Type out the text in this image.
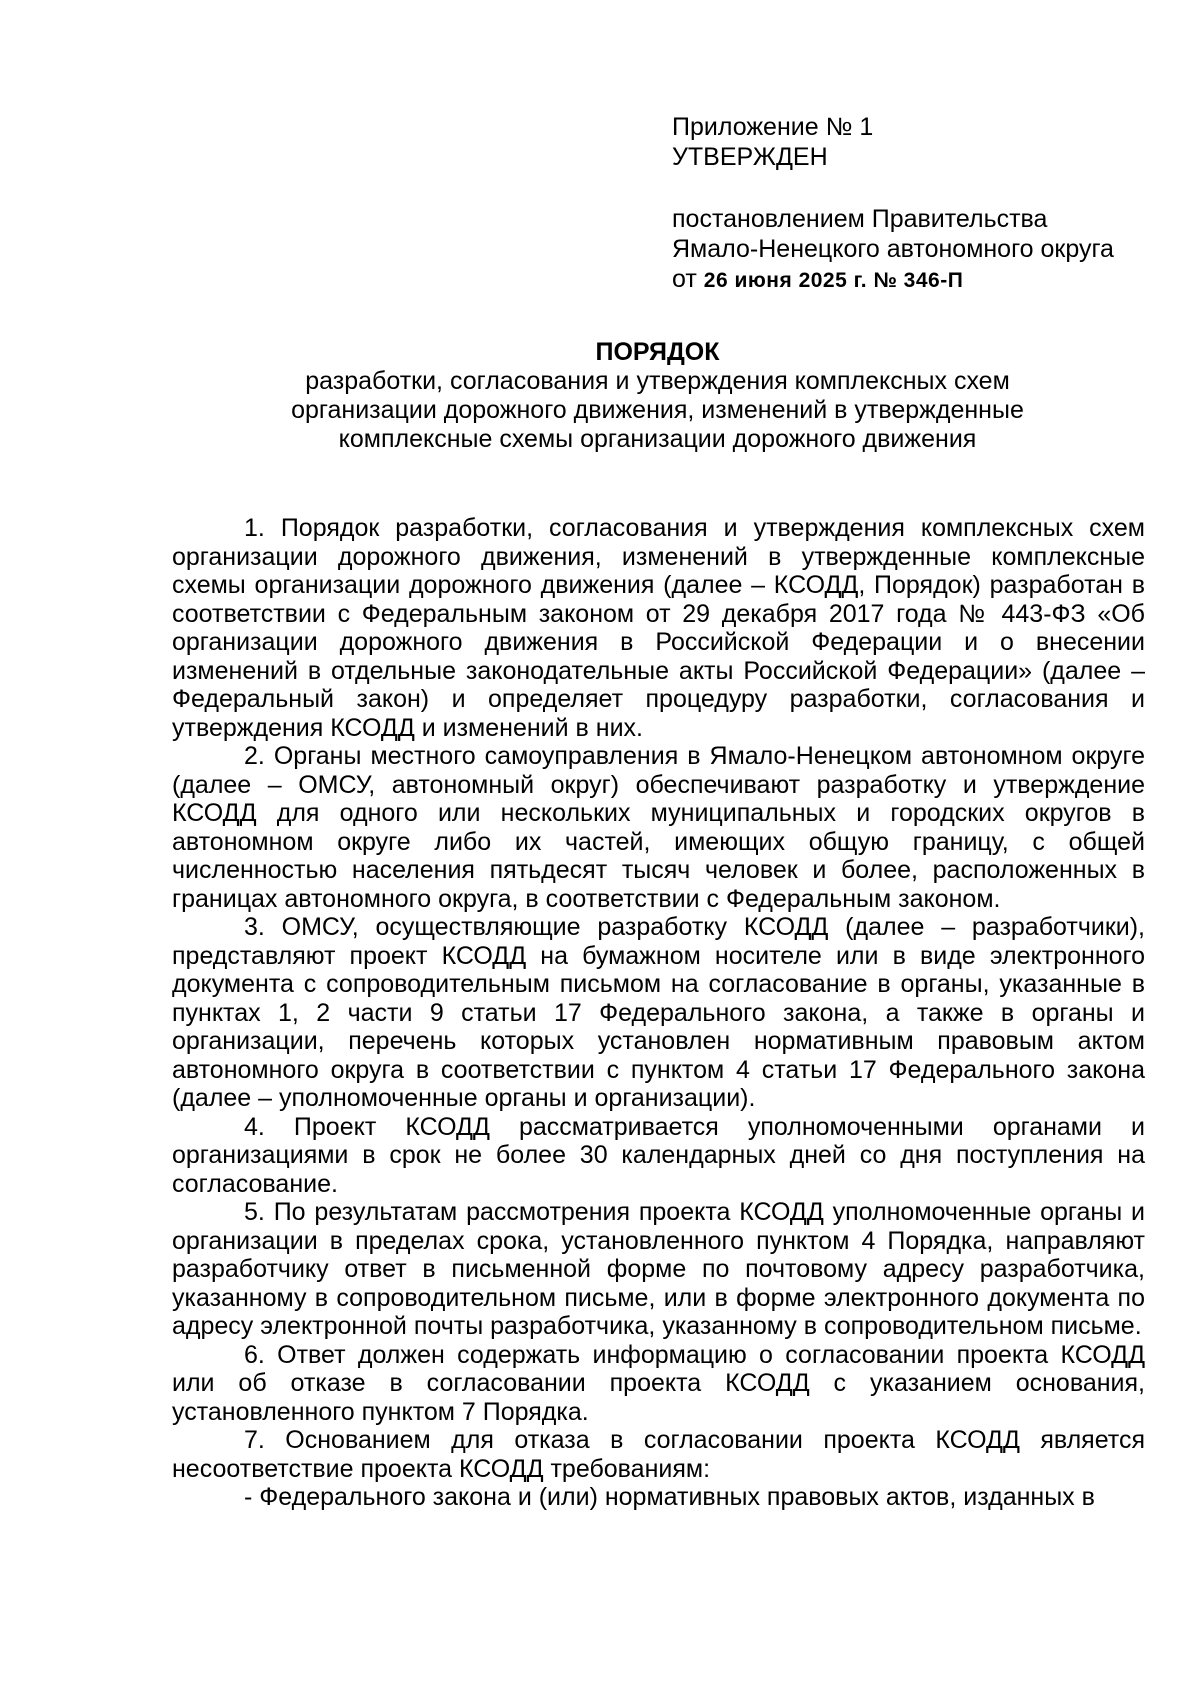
Приложение № 1
УТВЕРЖДЕН
постановлением Правительства
Ямало-Ненецкого автономного округа
от 26 июня 2025 г. № 346-П
ПОРЯДОК
разработки, согласования и утверждения комплексных схем
организации дорожного движения, изменений в утвержденные
комплексные схемы организации дорожного движения

1. Порядок разработки, согласования и утверждения комплексных схем организации дорожного движения, изменений в утвержденные комплексные схемы организации дорожного движения (далее – КСОДД, Порядок) разработан в соответствии с Федеральным законом от 29 декабря 2017 года № 443-ФЗ «Об организации дорожного движения в Российской Федерации и о внесении изменений в отдельные законодательные акты Российской Федерации» (далее – Федеральный закон) и определяет процедуру разработки, согласования и утверждения КСОДД и изменений в них.

2. Органы местного самоуправления в Ямало-Ненецком автономном округе (далее – ОМСУ, автономный округ) обеспечивают разработку и утверждение КСОДД для одного или нескольких муниципальных и городских округов в автономном округе либо их частей, имеющих общую границу, с общей численностью населения пятьдесят тысяч человек и более, расположенных в границах автономного округа, в соответствии с Федеральным законом.

3. ОМСУ, осуществляющие разработку КСОДД (далее – разработчики), представляют проект КСОДД на бумажном носителе или в виде электронного документа с сопроводительным письмом на согласование в органы, указанные в пунктах 1, 2 части 9 статьи 17 Федерального закона, а также в органы и организации, перечень которых установлен нормативным правовым актом автономного округа в соответствии с пунктом 4 статьи 17 Федерального закона (далее – уполномоченные органы и организации).

4. Проект КСОДД рассматривается уполномоченными органами и организациями в срок не более 30 календарных дней со дня поступления на согласование.

5. По результатам рассмотрения проекта КСОДД уполномоченные органы и организации в пределах срока, установленного пунктом 4 Порядка, направляют разработчику ответ в письменной форме по почтовому адресу разработчика, указанному в сопроводительном письме, или в форме электронного документа по адресу электронной почты разработчика, указанному в сопроводительном письме.

6. Ответ должен содержать информацию о согласовании проекта КСОДД или об отказе в согласовании проекта КСОДД с указанием основания, установленного пунктом 7 Порядка.

7. Основанием для отказа в согласовании проекта КСОДД является несоответствие проекта КСОДД требованиям:

- Федерального закона и (или) нормативных правовых актов, изданных в
